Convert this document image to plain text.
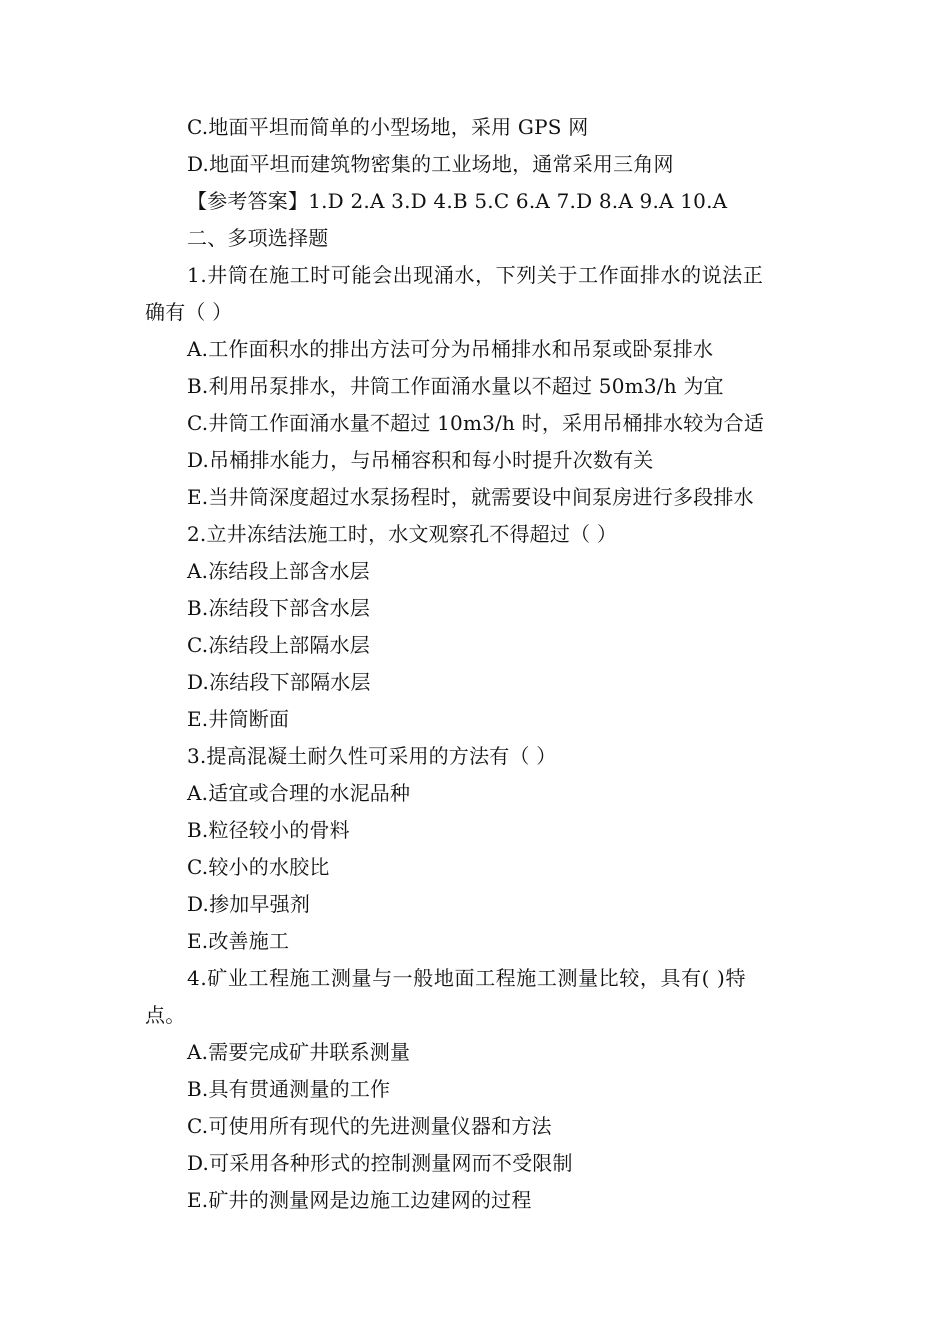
C.地面平坦而简单的小型场地，采用 GPS 网
D.地面平坦而建筑物密集的工业场地，通常采用三角网
【参考答案】1.D 2.A 3.D 4.B 5.C 6.A 7.D 8.A 9.A 10.A
二、多项选择题
1.井筒在施工时可能会出现涌水，下列关于工作面排水的说法正
确有（ ）
A.工作面积水的排出方法可分为吊桶排水和吊泵或卧泵排水
B.利用吊泵排水，井筒工作面涌水量以不超过 50m3/h 为宜
C.井筒工作面涌水量不超过 10m3/h 时，采用吊桶排水较为合适
D.吊桶排水能力，与吊桶容积和每小时提升次数有关
E.当井筒深度超过水泵扬程时，就需要设中间泵房进行多段排水
2.立井冻结法施工时，水文观察孔不得超过（ ）
A.冻结段上部含水层
B.冻结段下部含水层
C.冻结段上部隔水层
D.冻结段下部隔水层
E.井筒断面
3.提高混凝土耐久性可采用的方法有（ ）
A.适宜或合理的水泥品种
B.粒径较小的骨料
C.较小的水胶比
D.掺加早强剂
E.改善施工
4.矿业工程施工测量与一般地面工程施工测量比较，具有( )特
点。
A.需要完成矿井联系测量
B.具有贯通测量的工作
C.可使用所有现代的先进测量仪器和方法
D.可采用各种形式的控制测量网而不受限制
E.矿井的测量网是边施工边建网的过程
